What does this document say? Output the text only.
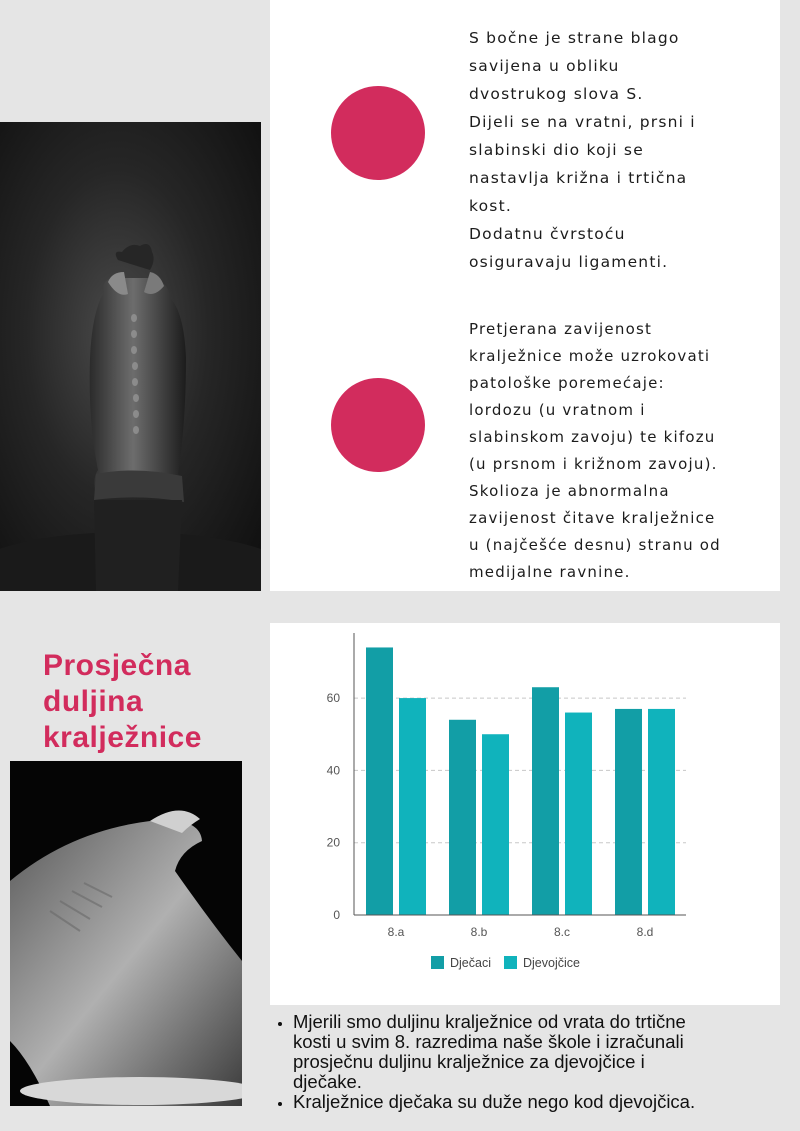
S bočne je strane blago
savijena u obliku
dvostrukog slova S.
Dijeli se na vratni, prsni i
slabinski dio koji se
nastavlja križna i trtična
kost.
Dodatnu čvrstoću
osiguravaju ligamenti.

Pretjerana zavijenost
kralježnice može uzrokovati
patološke poremećaje:
lordozu (u vratnom i
slabinskom zavoju) te kifozu
(u prsnom i križnom zavoju).
Skolioza je abnormalna
zavijenost čitave kralježnice
u (najčešće desnu) stranu od
medijalne ravnine.

Prosječna duljina kralježnice
0
20
40
60
8.a	8.b	8.c	8.d
Dječaci	Djevojčice
• Mjerili smo duljinu kralježnice od vrata do trtične kosti u svim 8. razredima naše škole i izračunali prosječnu duljinu kralježnice za djevojčice i dječake.
• Kralježnice dječaka su duže nego kod djevojčica.
